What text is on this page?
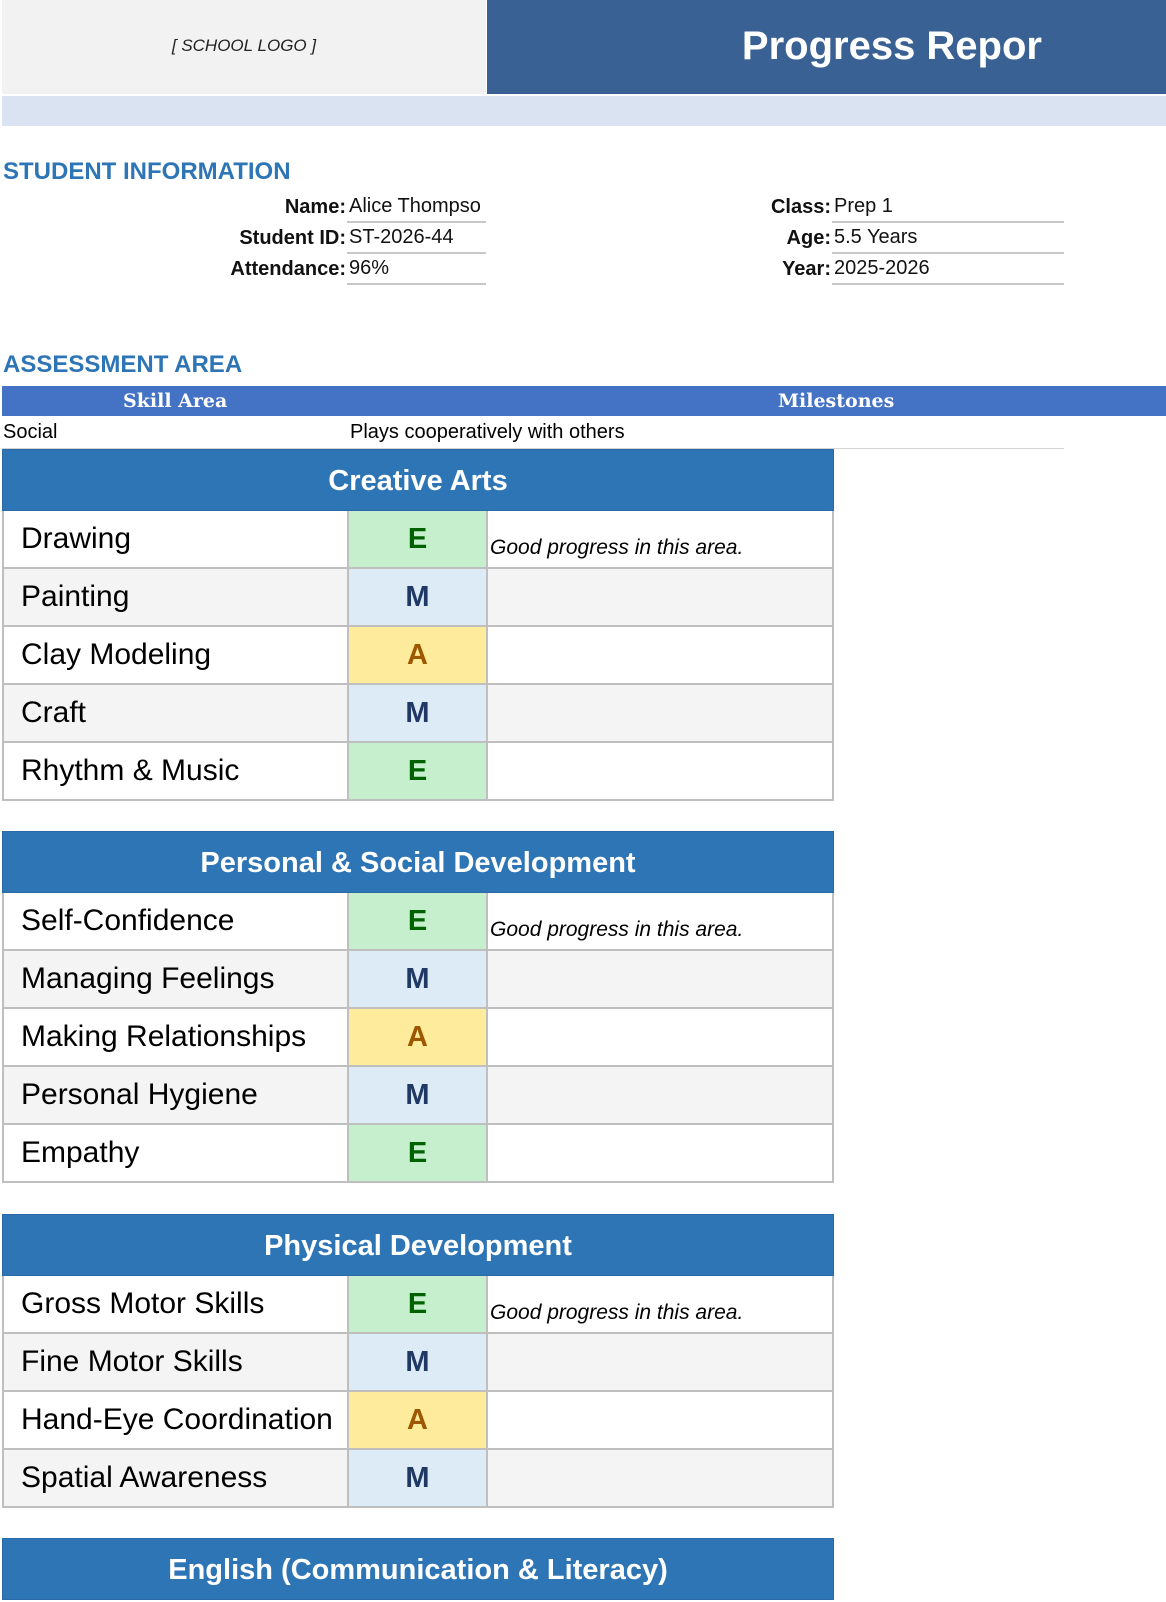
[ SCHOOL LOGO ]	Progress Repor
STUDENT INFORMATION
Name: Alice Thompso
Student ID: ST-2026-44
Attendance: 96%
Class: Prep 1
Age: 5.5 Years
Year: 2025-2026
ASSESSMENT AREA
Skill Area	Milestones
Social	Plays cooperatively with others
Creative Arts
Drawing	E	Good progress in this area.
Painting	M
Clay Modeling	A
Craft	M
Rhythm & Music	E
Personal & Social Development
Self-Confidence	E	Good progress in this area.
Managing Feelings	M
Making Relationships	A
Personal Hygiene	M
Empathy	E
Physical Development
Gross Motor Skills	E	Good progress in this area.
Fine Motor Skills	M
Hand-Eye Coordination	A
Spatial Awareness	M
English (Communication & Literacy)
